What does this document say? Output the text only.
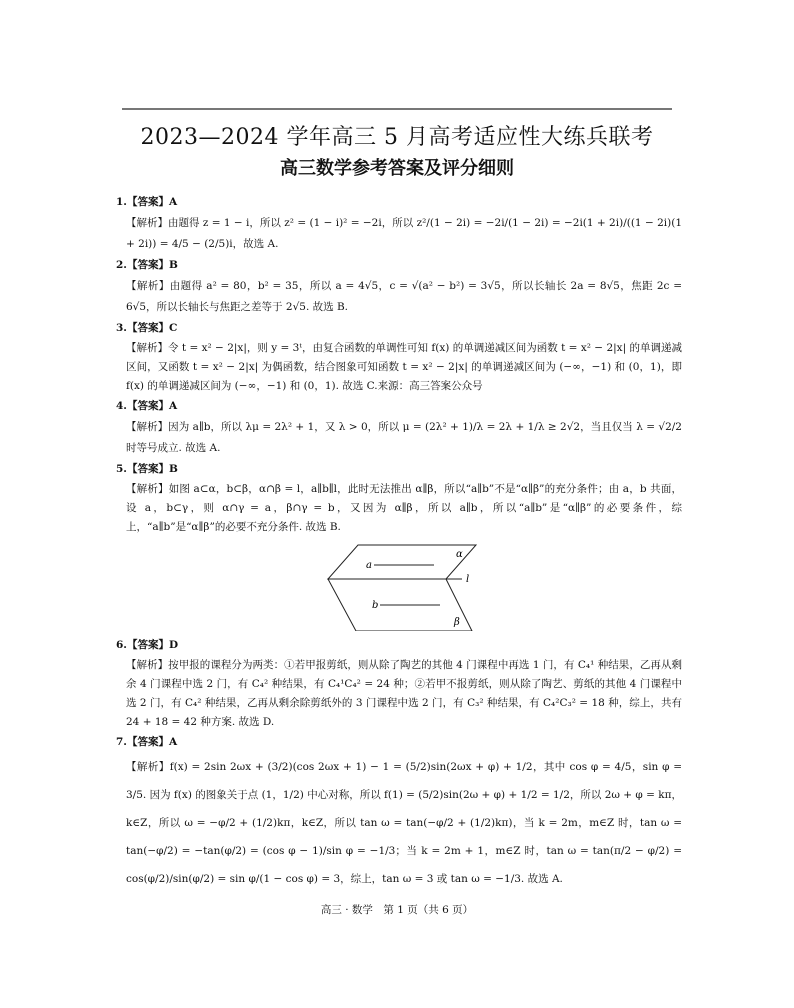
2023—2024 学年高三 5 月高考适应性大练兵联考
高三数学参考答案及评分细则
1.【答案】A

【解析】由题得 z = 1 − i，所以 z² = (1 − i)² = −2i，所以 z²/(1 − 2i) = −2i/(1 − 2i) = −2i(1 + 2i)/((1 − 2i)(1 + 2i)) = 4/5 − (2/5)i，故选 A.

2.【答案】B

【解析】由题得 a² = 80，b² = 35，所以 a = 4√5，c = √(a² − b²) = 3√5，所以长轴长 2a = 8√5，焦距 2c = 6√5，所以长轴长与焦距之差等于 2√5. 故选 B.

3.【答案】C

【解析】令 t = x² − 2|x|，则 y = 3ᵗ，由复合函数的单调性可知 f(x) 的单调递减区间为函数 t = x² − 2|x| 的单调递减区间，又函数 t = x² − 2|x| 为偶函数，结合图象可知函数 t = x² − 2|x| 的单调递减区间为 (−∞，−1) 和 (0，1)，即 f(x) 的单调递减区间为 (−∞，−1) 和 (0，1). 故选 C.来源：高三答案公众号

4.【答案】A

【解析】因为 a∥b，所以 λμ = 2λ² + 1，又 λ > 0，所以 μ = (2λ² + 1)/λ = 2λ + 1/λ ≥ 2√2，当且仅当 λ = √2/2 时等号成立. 故选 A.

5.【答案】B

【解析】如图 a⊂α，b⊂β，α∩β = l，a∥b∥l，此时无法推出 α∥β，所以“a∥b”不是“α∥β”的充分条件；由 a，b 共面，设 a，b⊂γ，则 α∩γ = a，β∩γ = b，又因为 α∥β，所以 a∥b，所以“a∥b”是“α∥β”的必要条件，综上，“a∥b”是“α∥β”的必要不充分条件. 故选 B.

a
b
α
β
l
6.【答案】D

【解析】按甲报的课程分为两类：①若甲报剪纸，则从除了陶艺的其他 4 门课程中再选 1 门，有 C₄¹ 种结果，乙再从剩余 4 门课程中选 2 门，有 C₄² 种结果，有 C₄¹C₄² = 24 种；②若甲不报剪纸，则从除了陶艺、剪纸的其他 4 门课程中选 2 门，有 C₄² 种结果，乙再从剩余除剪纸外的 3 门课程中选 2 门，有 C₃² 种结果，有 C₄²C₃² = 18 种，综上，共有 24 + 18 = 42 种方案. 故选 D.

7.【答案】A

【解析】f(x) = 2sin 2ωx + (3/2)(cos 2ωx + 1) − 1 = (5/2)sin(2ωx + φ) + 1/2，其中 cos φ = 4/5，sin φ = 3/5. 因为 f(x) 的图象关于点 (1，1/2) 中心对称，所以 f(1) = (5/2)sin(2ω + φ) + 1/2 = 1/2，所以 2ω + φ = kπ，k∈Z，所以 ω = −φ/2 + (1/2)kπ，k∈Z，所以 tan ω = tan(−φ/2 + (1/2)kπ)，当 k = 2m，m∈Z 时，tan ω = tan(−φ/2) = −tan(φ/2) = (cos φ − 1)/sin φ = −1/3；当 k = 2m + 1，m∈Z 时，tan ω = tan(π/2 − φ/2) = cos(φ/2)/sin(φ/2) = sin φ/(1 − cos φ) = 3，综上，tan ω = 3 或 tan ω = −1/3. 故选 A.

高三 · 数学　第 1 页（共 6 页）
